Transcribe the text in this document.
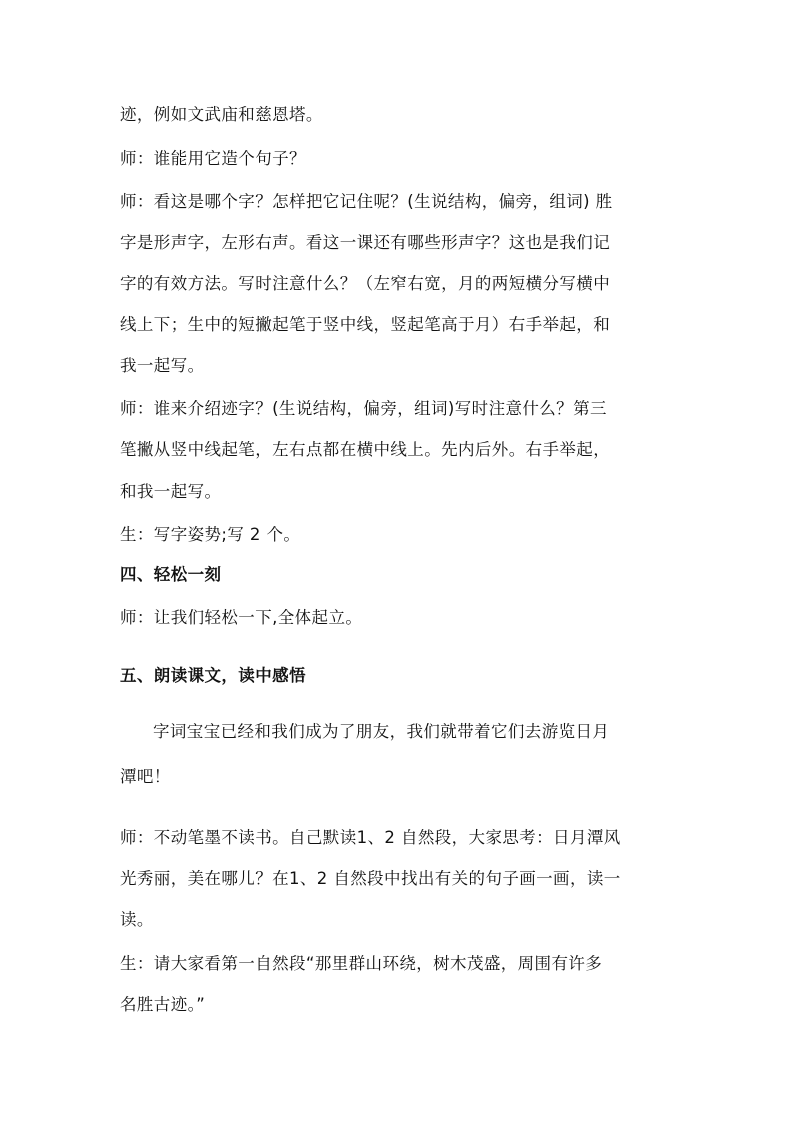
迹，例如文武庙和慈恩塔。
师：谁能用它造个句子？
师：看这是哪个字？怎样把它记住呢？(生说结构，偏旁，组词) 胜
字是形声字，左形右声。看这一课还有哪些形声字？这也是我们记
字的有效方法。写时注意什么？（左窄右宽，月的两短横分写横中
线上下；生中的短撇起笔于竖中线，竖起笔高于月）右手举起，和
我一起写。
师：谁来介绍迹字？(生说结构，偏旁，组词)写时注意什么？第三
笔撇从竖中线起笔，左右点都在横中线上。先内后外。右手举起，
和我一起写。
生：写字姿势;写 2 个。
四、轻松一刻
师：让我们轻松一下,全体起立。
五、朗读课文，读中感悟
字词宝宝已经和我们成为了朋友，我们就带着它们去游览日月
潭吧！
师：不动笔墨不读书。自己默读1、2 自然段，大家思考：日月潭风
光秀丽，美在哪儿？在1、2 自然段中找出有关的句子画一画，读一
读。
生：请大家看第一自然段“那里群山环绕，树木茂盛，周围有许多
名胜古迹。”
